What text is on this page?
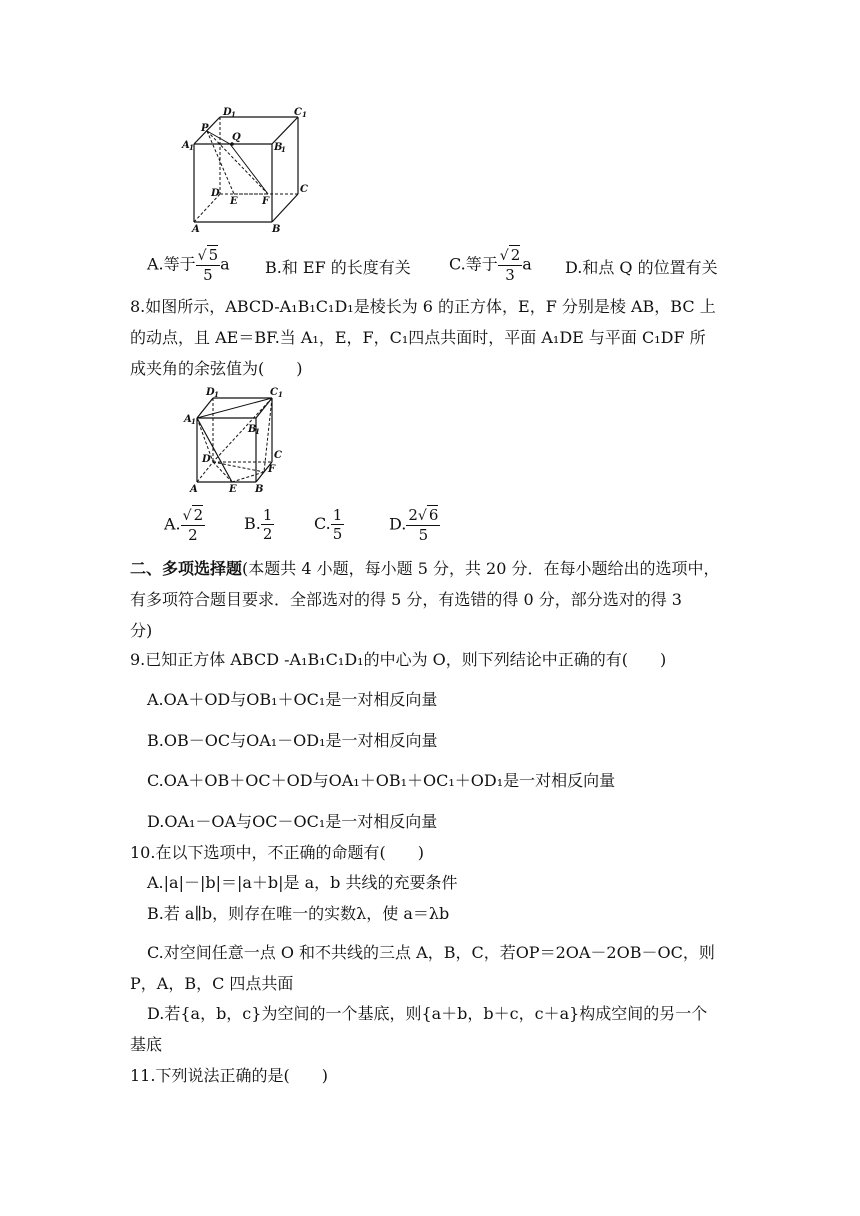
D 1	C 1
P
Q
A 1	B
1
D
E F
C
A	B
A.等于 $\frac{√ 5}{5}$ a B.和 EF 的长度有关 C.等于 $\frac{√ 2}{3}$ a D.和点 Q 的位置有关
8.如图所示，ABCD-A₁B₁C₁D₁是棱长为 6 的正方体，E，F 分别是棱 AB，BC 上
的动点，且 AE＝BF.当 A₁，E，F，C₁四点共面时，平面 A₁DE 与平面 C₁DF 所
成夹角的余弦值为(　　)
D 1	C 1
A 1
B
1
D	C
F
A	E B
A. $\frac{√ 2}{2} B$. $\frac{1}{2} C$. $\frac{1}{5}$	D. $\frac{2√ 6}{5}$
二、多项选择题(本题共 4 小题，每小题 5 分，共 20 分．在每小题给出的选项中，
有多项符合题目要求．全部选对的得 5 分，有选错的得 0 分，部分选对的得 3
分)
9.已知正方体 ABCD -A₁B₁C₁D₁的中心为 O，则下列结论中正确的有(　　)
A.OA＋OD与OB₁＋OC₁是一对相反向量
B.OB－OC与OA₁－OD₁是一对相反向量
C.OA＋OB＋OC＋OD与OA₁＋OB₁＋OC₁＋OD₁是一对相反向量
D.OA₁－OA与OC－OC₁是一对相反向量
10.在以下选项中，不正确的命题有(　　)
A.|a|－|b|＝|a＋b|是 a，b 共线的充要条件
B.若 a∥b，则存在唯一的实数λ，使 a＝λb
C.对空间任意一点 O 和不共线的三点 A，B，C，若OP＝2OA－2OB－OC，则
P，A，B，C 四点共面
D.若{a，b，c}为空间的一个基底，则{a＋b，b＋c，c＋a}构成空间的另一个
基底
11.下列说法正确的是(　　)
